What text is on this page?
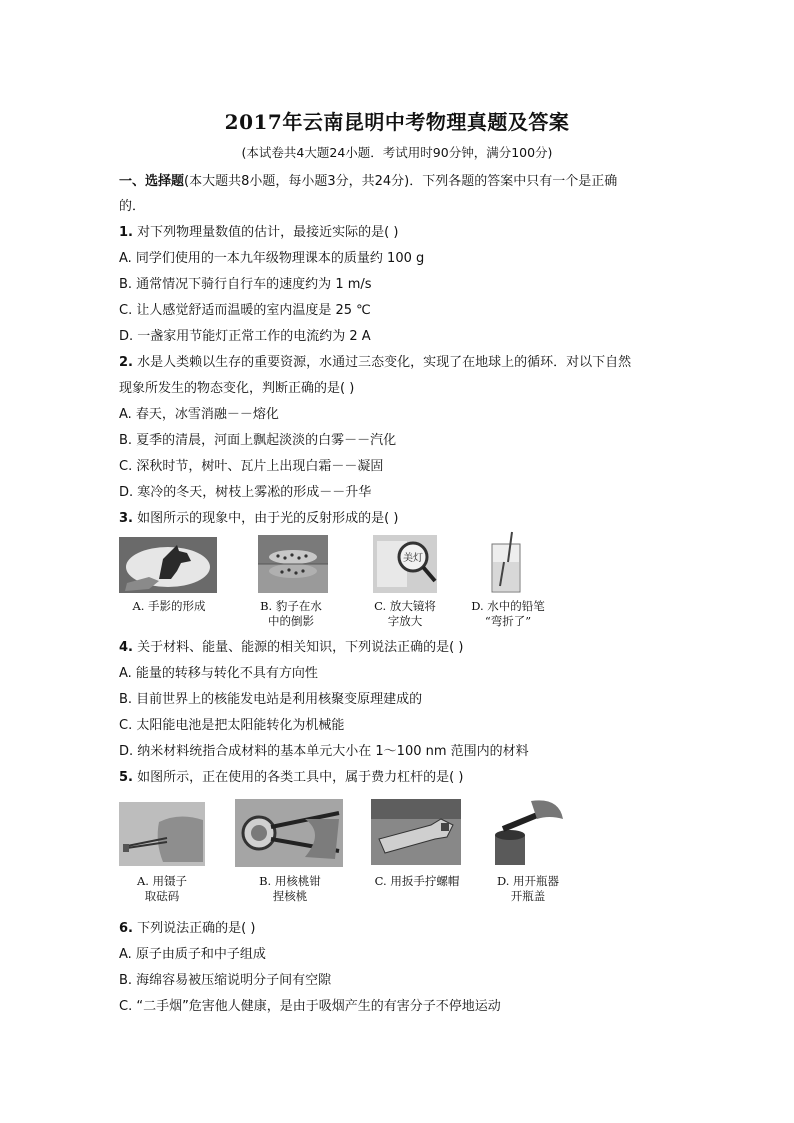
2017年云南昆明中考物理真题及答案
(本试卷共4大题24小题．考试用时90分钟，满分100分)
一、选择题(本大题共8小题，每小题3分，共24分)．下列各题的答案中只有一个是正确
的．
1. 对下列物理量数值的估计，最接近实际的是( )
A. 同学们使用的一本九年级物理课本的质量约 100 g
B. 通常情况下骑行自行车的速度约为 1 m/s
C. 让人感觉舒适而温暖的室内温度是 25 ℃
D. 一盏家用节能灯正常工作的电流约为 2 A
2. 水是人类赖以生存的重要资源，水通过三态变化，实现了在地球上的循环．对以下自然
现象所发生的物态变化，判断正确的是( )
A. 春天，冰雪消融－－熔化
B. 夏季的清晨，河面上飘起淡淡的白雾－－汽化
C. 深秋时节，树叶、瓦片上出现白霜－－凝固
D. 寒冷的冬天，树枝上雾凇的形成－－升华
3. 如图所示的现象中，由于光的反射形成的是( )
美灯
A. 手影的形成	B. 豹子在水
中的倒影
C. 放大镜将
字放大
D. 水中的铅笔
“弯折了”
4. 关于材料、能量、能源的相关知识，下列说法正确的是( )
A. 能量的转移与转化不具有方向性
B. 目前世界上的核能发电站是利用核聚变原理建成的
C. 太阳能电池是把太阳能转化为机械能
D. 纳米材料统指合成材料的基本单元大小在 1～100 nm 范围内的材料
5. 如图所示，正在使用的各类工具中，属于费力杠杆的是( )
A. 用镊子
取砝码
B. 用核桃钳
捏核桃
C. 用扳手拧螺帽	D. 用开瓶器
开瓶盖
6. 下列说法正确的是( )
A. 原子由质子和中子组成
B. 海绵容易被压缩说明分子间有空隙
C. “二手烟”危害他人健康，是由于吸烟产生的有害分子不停地运动
